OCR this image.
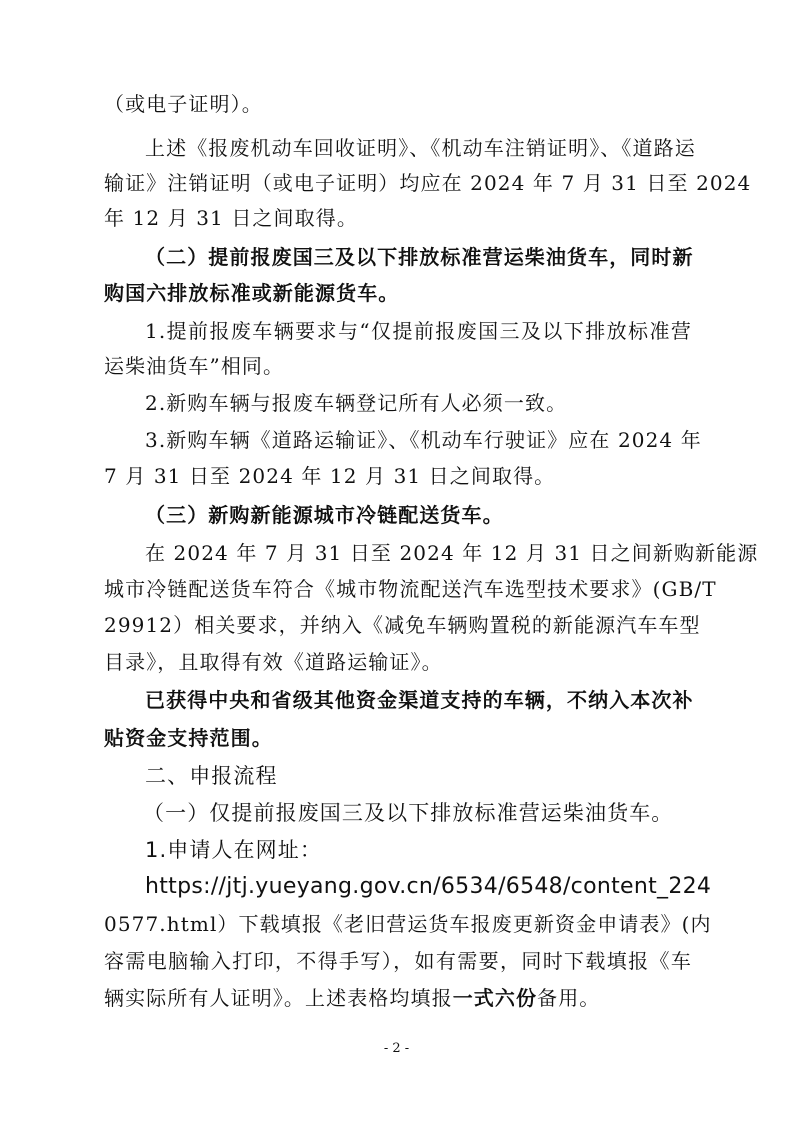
（或电子证明）。
上述《报废机动车回收证明》、《机动车注销证明》、《道路运
输证》注销证明（或电子证明）均应在 2024 年 7 月 31 日至 2024
年 12 月 31 日之间取得。
（二）提前报废国三及以下排放标准营运柴油货车，同时新
购国六排放标准或新能源货车。
1.提前报废车辆要求与“仅提前报废国三及以下排放标准营
运柴油货车”相同。
2.新购车辆与报废车辆登记所有人必须一致。
3.新购车辆《道路运输证》、《机动车行驶证》应在 2024 年
7 月 31 日至 2024 年 12 月 31 日之间取得。
（三）新购新能源城市冷链配送货车。
在 2024 年 7 月 31 日至 2024 年 12 月 31 日之间新购新能源
城市冷链配送货车符合《城市物流配送汽车选型技术要求》(GB/T
29912）相关要求，并纳入《减免车辆购置税的新能源汽车车型
目录》，且取得有效《道路运输证》。
已获得中央和省级其他资金渠道支持的车辆，不纳入本次补
贴资金支持范围。
二、申报流程
（一）仅提前报废国三及以下排放标准营运柴油货车。
1.申请人在网址：
https://jtj.yueyang.gov.cn/6534/6548/content_224
0577.html）下载填报《老旧营运货车报废更新资金申请表》(内
容需电脑输入打印，不得手写），如有需要，同时下载填报《车
辆实际所有人证明》。上述表格均填报一式六份备用。
- 2 -
